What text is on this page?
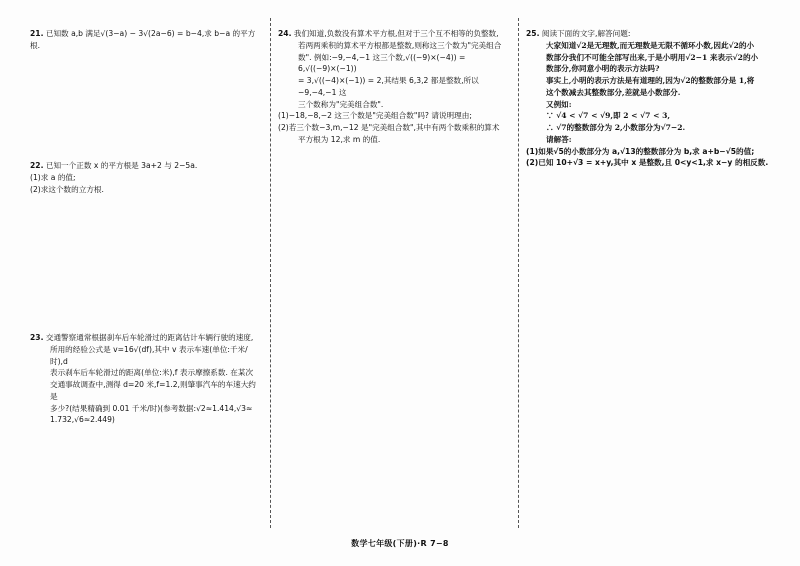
21. 已知数 a,b 满足√(3−a) − 3√(2a−6) = b−4,求 b−a 的平方根.
22. 已知一个正数 x 的平方根是 3a+2 与 2−5a.
(1)求 a 的值;
(2)求这个数的立方根.
23. 交通警察通常根据刹车后车轮滑过的距离估计车辆行驶的速度,
所用的经验公式是 v=16√(df),其中 v 表示车速(单位:千米/时),d
表示刹车后车轮滑过的距离(单位:米),f 表示摩擦系数. 在某次
交通事故调查中,测得 d=20 米,f=1.2,则肇事汽车的车速大约是
多少?(结果精确到 0.01 千米/时)(参考数据:√2≈1.414,√3≈
1.732,√6≈2.449)
24. 我们知道,负数没有算术平方根,但对于三个互不相等的负整数,
若两两乘积的算术平方根都是整数,则称这三个数为"完美组合
数". 例如:−9,−4,−1 这三个数,√((−9)×(−4)) = 6,√((−9)×(−1))
= 3,√((−4)×(−1)) = 2,其结果 6,3,2 都是整数,所以−9,−4,−1 这
三个数称为"完美组合数".
(1)−18,−8,−2 这三个数是"完美组合数"吗? 请说明理由;
(2)若三个数−3,m,−12 是"完美组合数",其中有两个数乘积的算术
平方根为 12,求 m 的值.
25. 阅读下面的文字,解答问题:
大家知道√2是无理数,而无理数是无限不循环小数,因此√2的小
数部分我们不可能全部写出来,于是小明用√2−1 来表示√2的小
数部分,你同意小明的表示方法吗?
事实上,小明的表示方法是有道理的,因为√2的整数部分是 1,将
这个数减去其整数部分,差就是小数部分.
又例如:
∵ √4 < √7 < √9,即 2 < √7 < 3,
∴ √7的整数部分为 2,小数部分为√7−2.
请解答:
(1)如果√5的小数部分为 a,√13的整数部分为 b,求 a+b−√5的值;
(2)已知 10+√3 = x+y,其中 x 是整数,且 0<y<1,求 x−y 的相反数.
数学七年级(下册)·R 7−8
